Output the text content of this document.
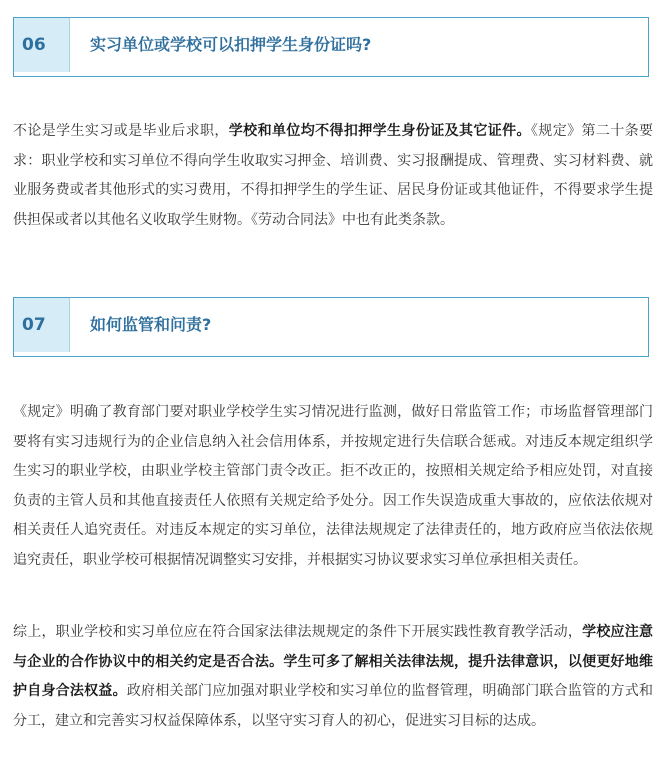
06	实习单位或学校可以扣押学生身份证吗?

不论是学生实习或是毕业后求职，学校和单位均不得扣押学生身份证及其它证件。《规定》第二十条要求：职业学校和实习单位不得向学生收取实习押金、培训费、实习报酬提成、管理费、实习材料费、就业服务费或者其他形式的实习费用，不得扣押学生的学生证、居民身份证或其他证件，不得要求学生提供担保或者以其他名义收取学生财物。《劳动合同法》中也有此类条款。

07	如何监管和问责?

《规定》明确了教育部门要对职业学校学生实习情况进行监测，做好日常监管工作；市场监督管理部门要将有实习违规行为的企业信息纳入社会信用体系，并按规定进行失信联合惩戒。对违反本规定组织学生实习的职业学校，由职业学校主管部门责令改正。拒不改正的，按照相关规定给予相应处罚，对直接负责的主管人员和其他直接责任人依照有关规定给予处分。因工作失误造成重大事故的，应依法依规对相关责任人追究责任。对违反本规定的实习单位，法律法规规定了法律责任的，地方政府应当依法依规追究责任，职业学校可根据情况调整实习安排，并根据实习协议要求实习单位承担相关责任。

综上，职业学校和实习单位应在符合国家法律法规规定的条件下开展实践性教育教学活动，学校应注意与企业的合作协议中的相关约定是否合法。学生可多了解相关法律法规，提升法律意识，以便更好地维护自身合法权益。政府相关部门应加强对职业学校和实习单位的监督管理，明确部门联合监管的方式和分工，建立和完善实习权益保障体系，以坚守实习育人的初心，促进实习目标的达成。
